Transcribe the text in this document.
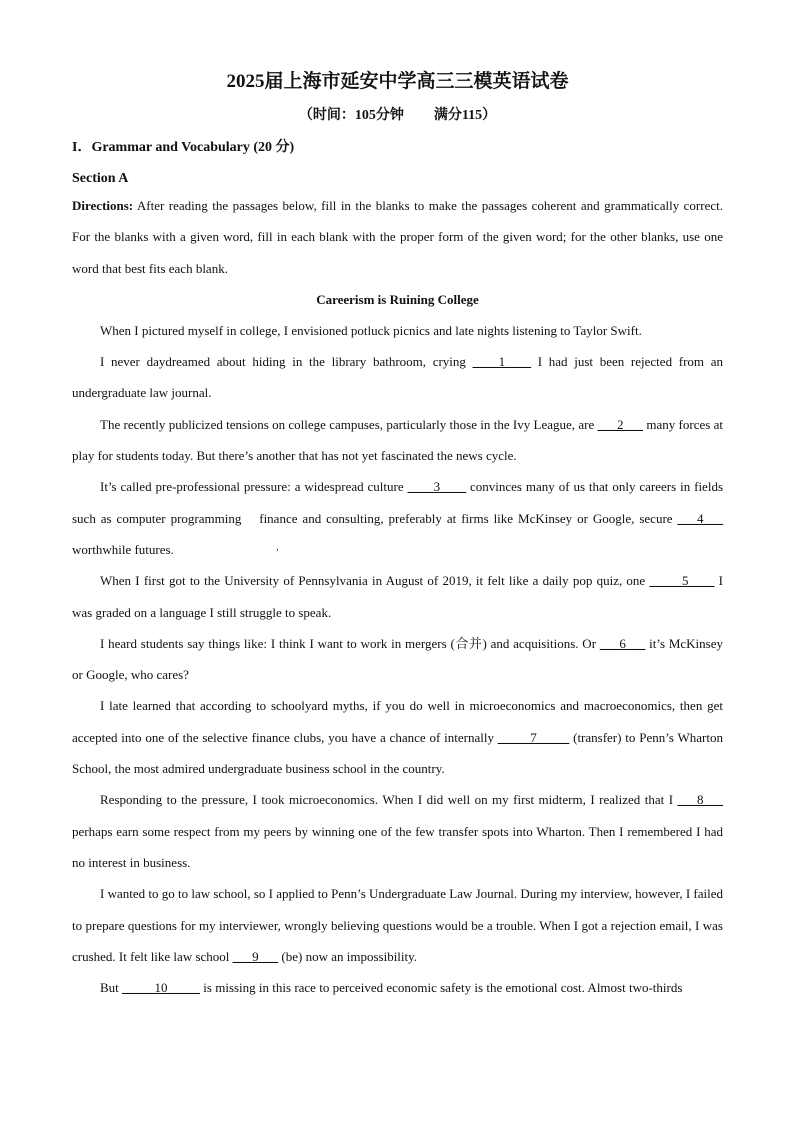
2025届上海市延安中学高三三模英语试卷
（时间：105分钟 满分115）
I．Grammar and Vocabulary (20 分)
Section A

Directions: After reading the passages below, fill in the blanks to make the passages coherent and grammatically correct. For the blanks with a given word, fill in each blank with the proper form of the given word; for the other blanks, use one word that best fits each blank.

Careerism is Ruining College

When I pictured myself in college, I envisioned potluck picnics and late nights listening to Taylor Swift.

I never daydreamed about hiding in the library bathroom, crying ____1____ I had just been rejected from an undergraduate law journal.

The recently publicized tensions on college campuses, particularly those in the Ivy League, are ___2___ many forces at play for students today. But there’s another that has not yet fascinated the news cycle.

It’s called pre-professional pressure: a widespread culture ____3____ convinces many of us that only careers in fields such as computer programming  finance and consulting, preferably at firms like McKinsey or Google, secure ___4___ worthwhile futures.

When I first got to the University of Pennsylvania in August of 2019, it felt like a daily pop quiz, one _____5____ I was graded on a language I still struggle to speak.

I heard students say things like: I think I want to work in mergers (合并) and acquisitions. Or ___6___ it’s McKinsey or Google, who cares?

I late learned that according to schoolyard myths, if you do well in microeconomics and macroeconomics, then get accepted into one of the selective finance clubs, you have a chance of internally _____7_____ (transfer) to Penn’s Wharton School, the most admired undergraduate business school in the country.

Responding to the pressure, I took microeconomics. When I did well on my first midterm, I realized that I ___8___ perhaps earn some respect from my peers by winning one of the few transfer spots into Wharton. Then I remembered I had no interest in business.

I wanted to go to law school, so I applied to Penn’s Undergraduate Law Journal. During my interview, however, I failed to prepare questions for my interviewer, wrongly believing questions would be a trouble. When I got a rejection email, I was crushed. It felt like law school ___9___ (be) now an impossibility.

But _____10_____ is missing in this race to perceived economic safety is the emotional cost. Almost two-thirds
